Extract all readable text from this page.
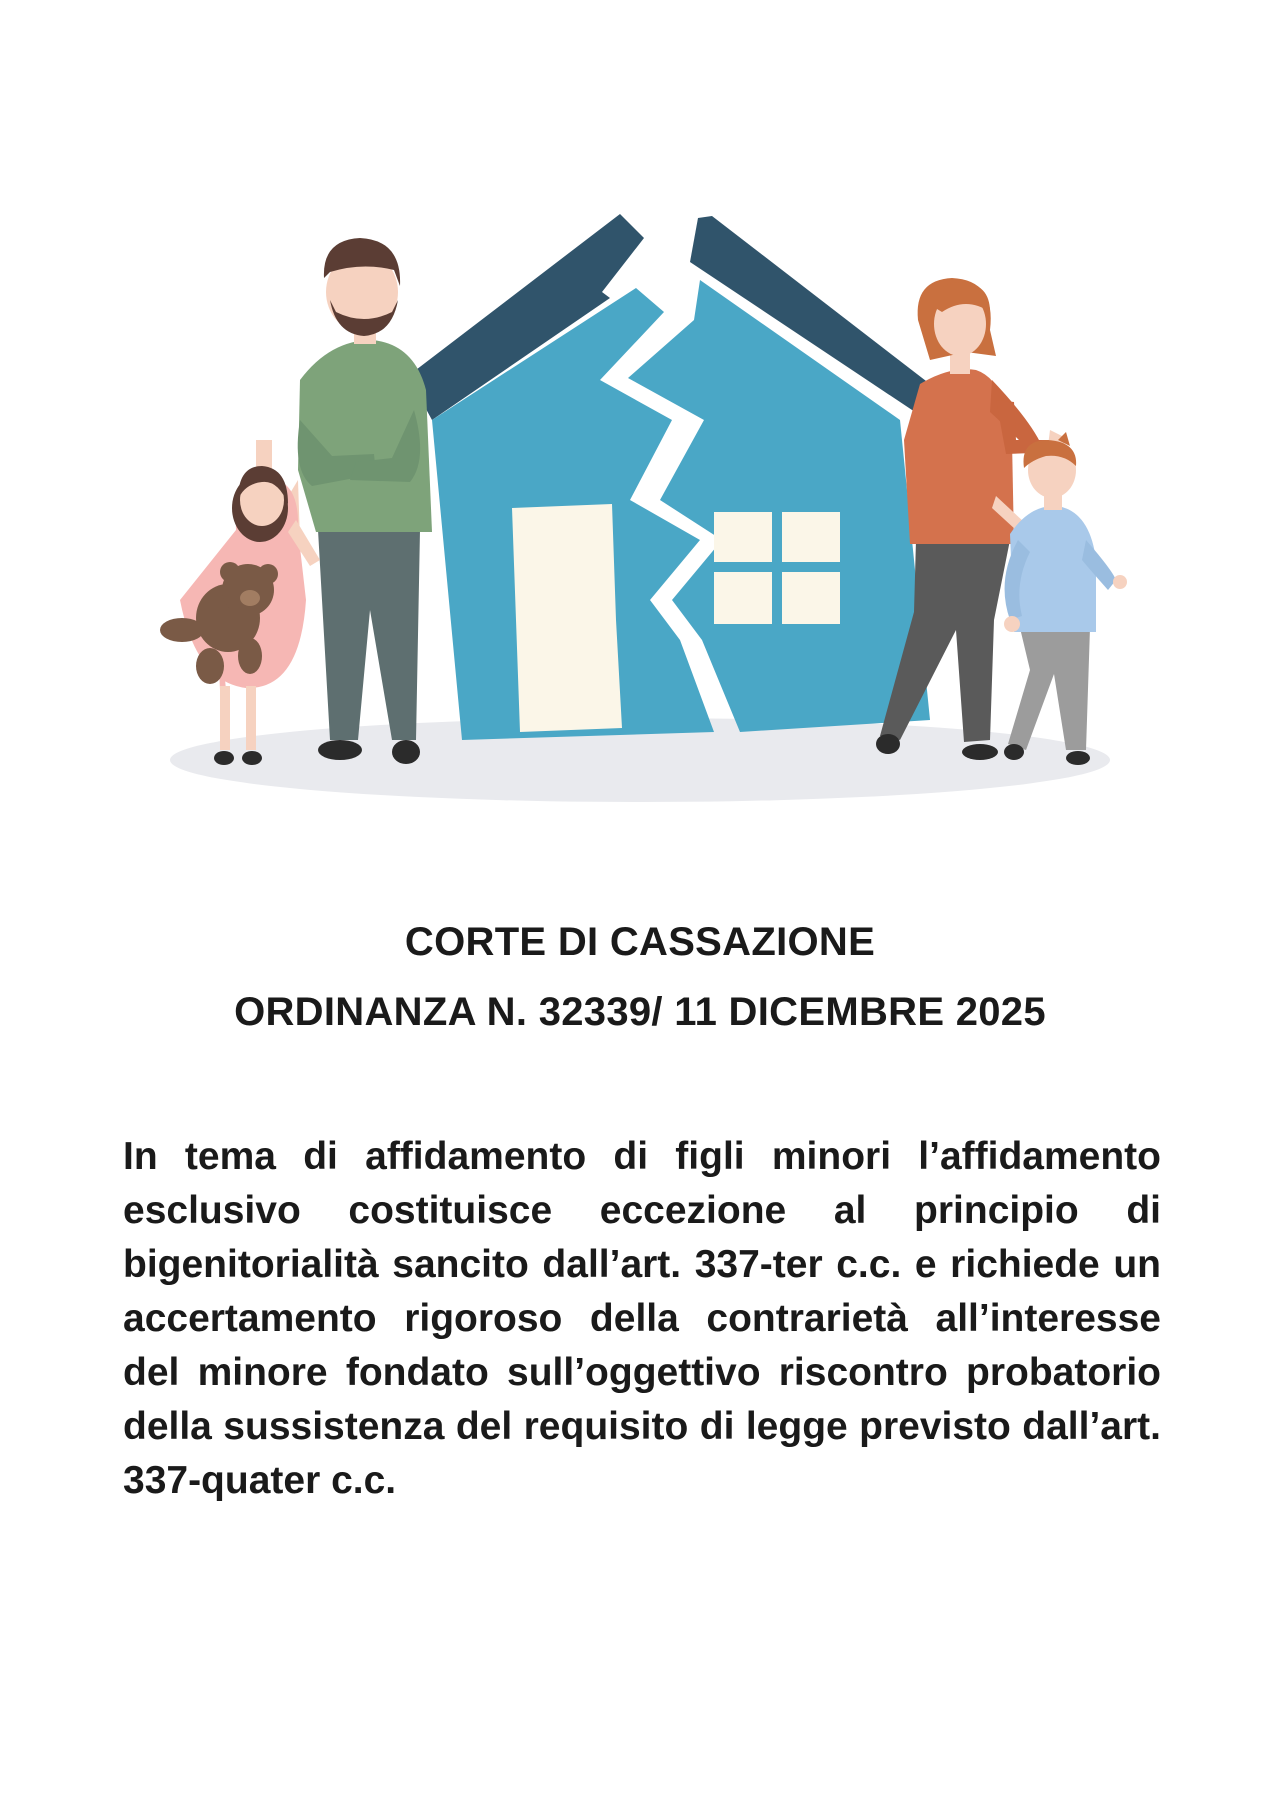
CORTE DI CASSAZIONE
ORDINANZA N. 32339/ 11 DICEMBRE 2025
In tema di affidamento di figli minori l’affidamento esclusivo costituisce eccezione al principio di bigenitorialità sancito dall’art. 337-ter c.c. e richiede un accertamento rigoroso della contrarietà all’interesse del minore fondato sull’oggettivo riscontro probatorio della sussistenza del requisito di legge previsto dall’art. 337-quater c.c.
